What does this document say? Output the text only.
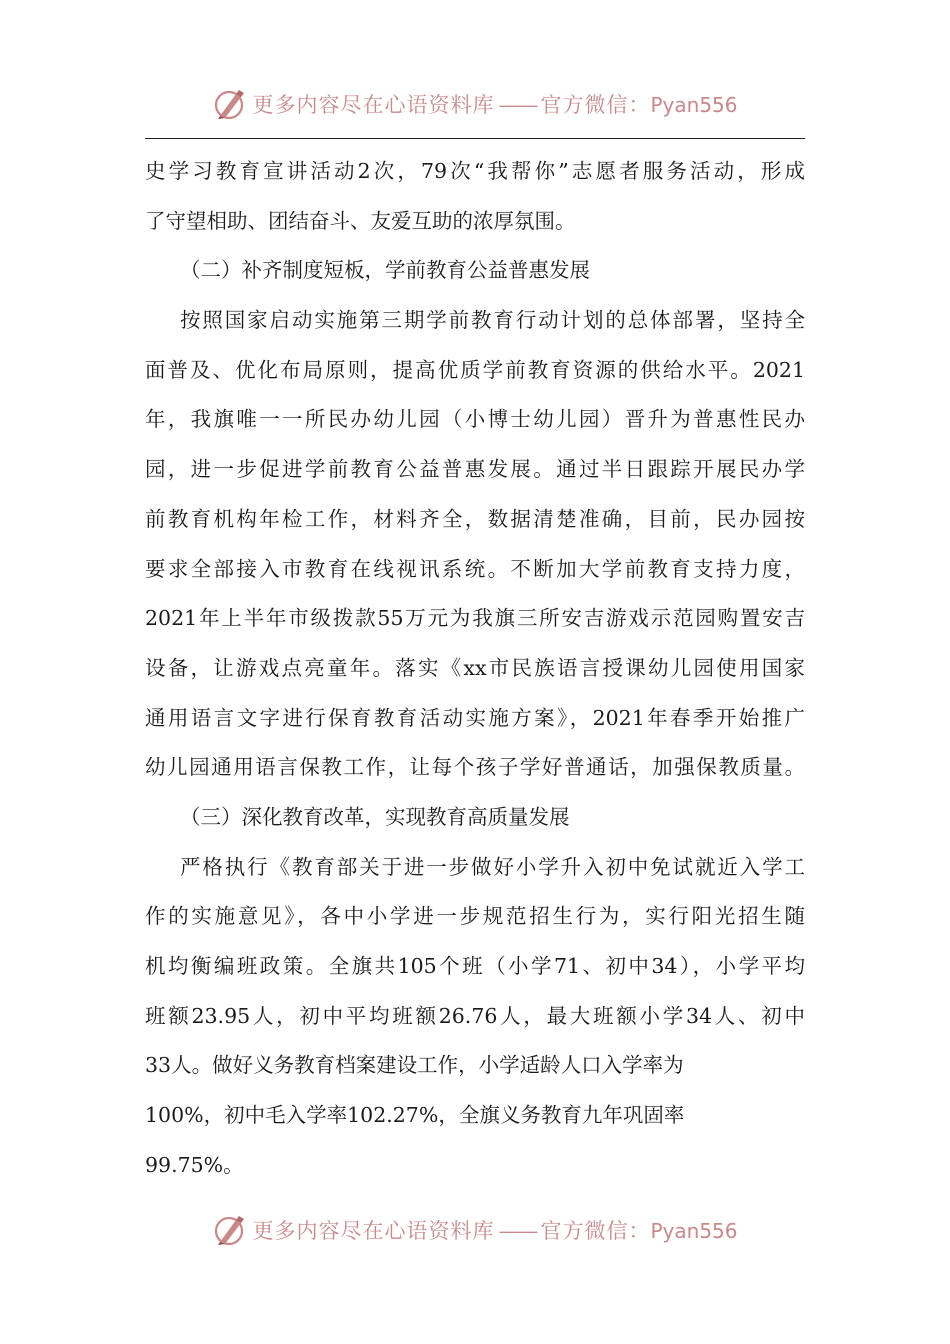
更多内容尽在心语资料库 —— 官方微信：Pyan556
史学习教育宣讲活动2次，79次“我帮你”志愿者服务活动，形成
了守望相助、团结奋斗、友爱互助的浓厚氛围。
（二）补齐制度短板，学前教育公益普惠发展
按照国家启动实施第三期学前教育行动计划的总体部署，坚持全
面普及、优化布局原则，提高优质学前教育资源的供给水平。2021
年，我旗唯一一所民办幼儿园（小博士幼儿园）晋升为普惠性民办
园，进一步促进学前教育公益普惠发展。通过半日跟踪开展民办学
前教育机构年检工作，材料齐全，数据清楚准确，目前，民办园按
要求全部接入市教育在线视讯系统。不断加大学前教育支持力度，
2021年上半年市级拨款55万元为我旗三所安吉游戏示范园购置安吉
设备，让游戏点亮童年。落实《xx市民族语言授课幼儿园使用国家
通用语言文字进行保育教育活动实施方案》，2021年春季开始推广
幼儿园通用语言保教工作，让每个孩子学好普通话，加强保教质量。
（三）深化教育改革，实现教育高质量发展
严格执行《教育部关于进一步做好小学升入初中免试就近入学工
作的实施意见》，各中小学进一步规范招生行为，实行阳光招生随
机均衡编班政策。全旗共105个班（小学71、初中34），小学平均
班额23.95人，初中平均班额26.76人，最大班额小学34人、初中
33人。做好义务教育档案建设工作，小学适龄人口入学率为
100%，初中毛入学率102.27%，全旗义务教育九年巩固率
99.75%。
更多内容尽在心语资料库 —— 官方微信：Pyan556
